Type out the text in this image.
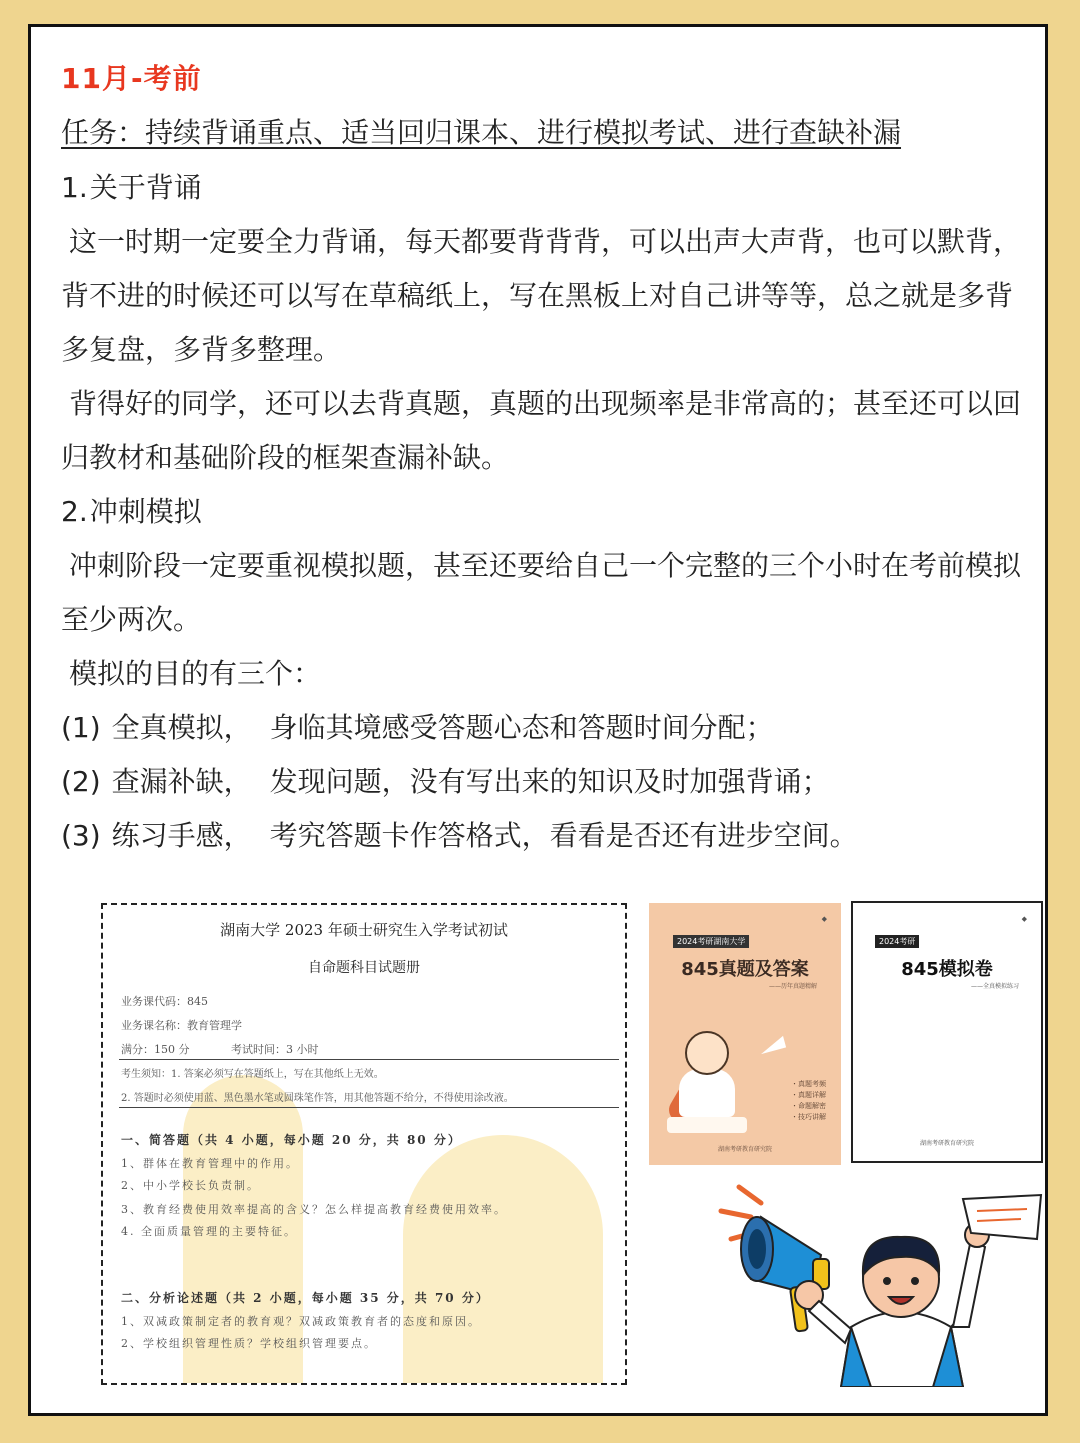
11月-考前
任务：持续背诵重点、适当回归课本、进行模拟考试、进行查缺补漏
1.关于背诵
这一时期一定要全力背诵，每天都要背背背，可以出声大声背，也可以默背，背不进的时候还可以写在草稿纸上，写在黑板上对自己讲等等，总之就是多背多复盘，多背多整理。
背得好的同学，还可以去背真题，真题的出现频率是非常高的；甚至还可以回归教材和基础阶段的框架查漏补缺。
2.冲刺模拟
冲刺阶段一定要重视模拟题，甚至还要给自己一个完整的三个小时在考前模拟至少两次。
模拟的目的有三个：
(1) 全真模拟， 身临其境感受答题心态和答题时间分配；
(2) 查漏补缺， 发现问题，没有写出来的知识及时加强背诵；
(3) 练习手感， 考究答题卡作答格式，看看是否还有进步空间。
湖南大学 2023 年硕士研究生入学考试初试
自命题科目试题册
业务课代码：845
业务课名称：教育管理学
满分：150 分	考试时间：3 小时
考生须知：1. 答案必须写在答题纸上，写在其他纸上无效。
2. 答题时必须使用蓝、黑色墨水笔或圆珠笔作答，用其他答题不给分，不得使用涂改液。
一、简答题（共 4 小题，每小题 20 分，共 80 分）
1、群体在教育管理中的作用。
2、中小学校长负责制。
3、教育经费使用效率提高的含义？怎么样提高教育经费使用效率。
4. 全面质量管理的主要特征。
二、分析论述题（共 2 小题，每小题 35 分，共 70 分）
1、双减政策制定者的教育观？双减政策教育者的态度和原因。
2、学校组织管理性质？学校组织管理要点。
◆
2024考研湖南大学
845真题及答案
——历年真题精解
・真题考频
・真题详解
・命题解密
・技巧讲解
湖南考研教育研究院
◆
2024考研
845模拟卷
——全真模拟练习
湖南考研教育研究院
